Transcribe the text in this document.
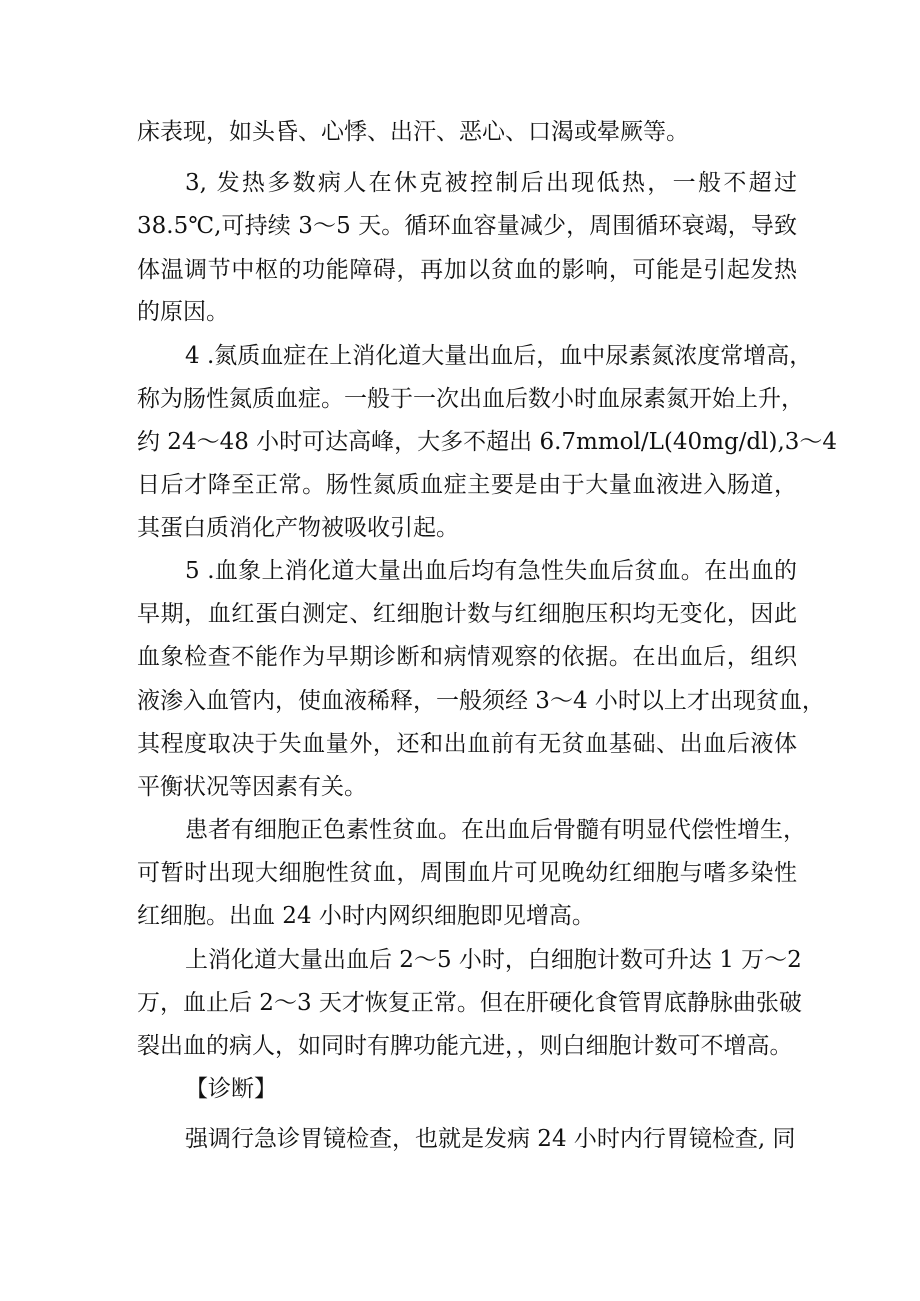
床表现，如头昏、心悸、出汗、恶心、口渴或晕厥等。
3, 发热多数病人在休克被控制后出现低热，一般不超过
38.5℃,可持续 3～5 天。循环血容量减少，周围循环衰竭，导致
体温调节中枢的功能障碍，再加以贫血的影响，可能是引起发热
的原因。
4 .氮质血症在上消化道大量出血后，血中尿素氮浓度常增高，
称为肠性氮质血症。一般于一次出血后数小时血尿素氮开始上升，
约 24～48 小时可达高峰，大多不超出 6.7mmol/L(40mg/dl),3～4
日后才降至正常。肠性氮质血症主要是由于大量血液进入肠道，
其蛋白质消化产物被吸收引起。
5 .血象上消化道大量出血后均有急性失血后贫血。在出血的
早期，血红蛋白测定、红细胞计数与红细胞压积均无变化，因此
血象检查不能作为早期诊断和病情观察的依据。在出血后，组织
液渗入血管内，使血液稀释，一般须经 3～4 小时以上才出现贫血，
其程度取决于失血量外，还和出血前有无贫血基础、出血后液体
平衡状况等因素有关。
患者有细胞正色素性贫血。在出血后骨髓有明显代偿性增生，
可暂时出现大细胞性贫血，周围血片可见晚幼红细胞与嗜多染性
红细胞。出血 24 小时内网织细胞即见增高。
上消化道大量出血后 2～5 小时，白细胞计数可升达 1 万～2
万，血止后 2～3 天才恢复正常。但在肝硬化食管胃底静脉曲张破
裂出血的病人，如同时有脾功能亢进，，则白细胞计数可不增高。
【诊断】
强调行急诊胃镜检查，也就是发病 24 小时内行胃镜检查, 同
